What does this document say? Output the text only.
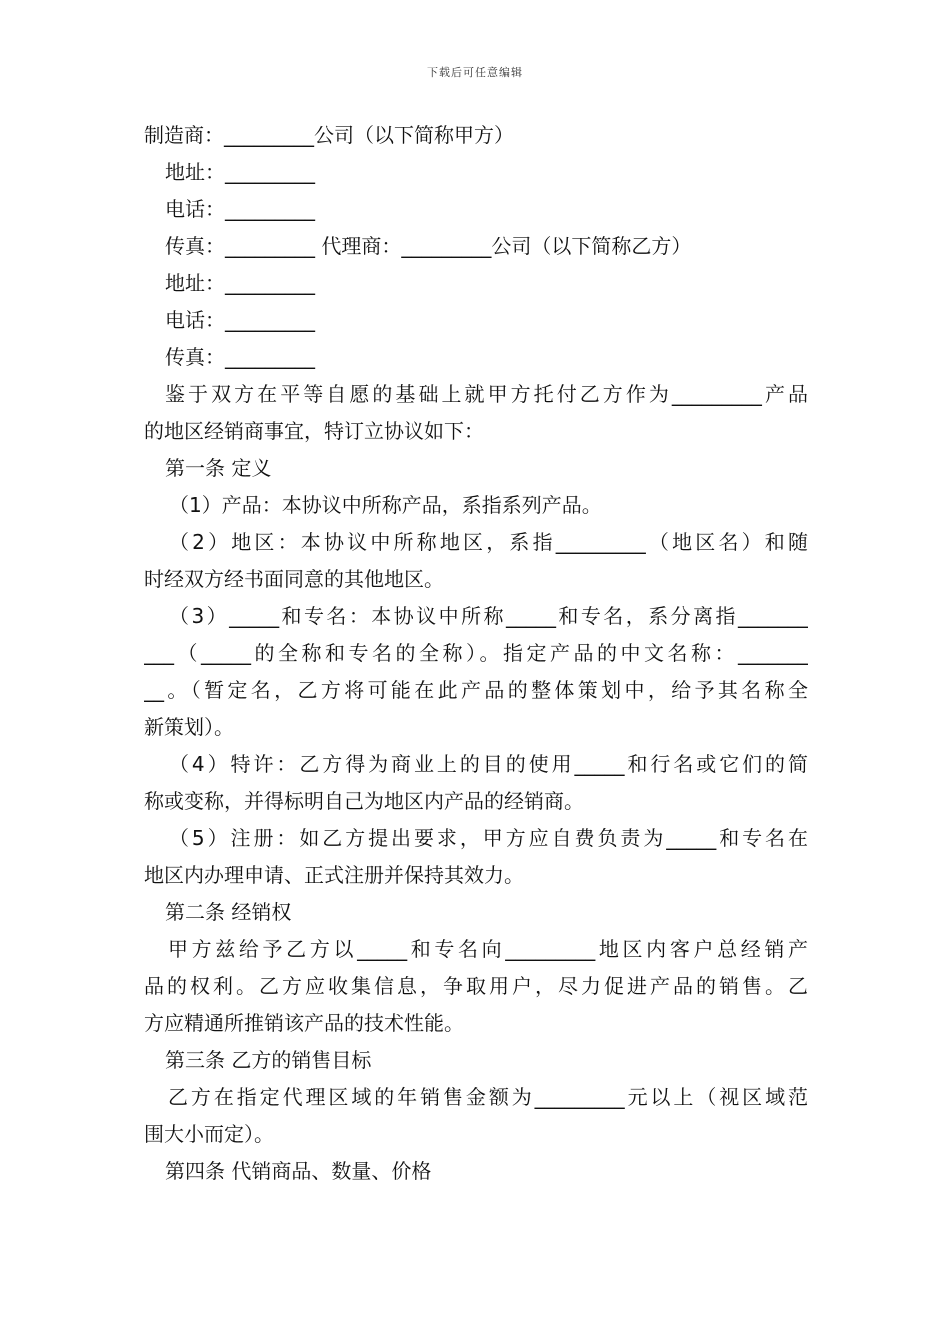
下载后可任意编辑
制造商：_________公司（以下简称甲方）
地址：_________
电话：_________
传真：_________ 代理商：_________公司（以下简称乙方）
地址：_________
电话：_________
传真：_________
鉴于双方在平等自愿的基础上就甲方托付乙方作为_________产品
的地区经销商事宜，特订立协议如下：
第一条 定义
（1）产品：本协议中所称产品，系指系列产品。
（2）地区：本协议中所称地区，系指_________（地区名）和随
时经双方经书面同意的其他地区。
（3）_____和专名：本协议中所称_____和专名，系分离指_______
___（_____的全称和专名的全称）。指定产品的中文名称：_______
__。（暂定名，乙方将可能在此产品的整体策划中，给予其名称全
新策划）。
（4）特许：乙方得为商业上的目的使用_____和行名或它们的简
称或变称，并得标明自己为地区内产品的经销商。
（5）注册：如乙方提出要求，甲方应自费负责为_____和专名在
地区内办理申请、正式注册并保持其效力。
第二条 经销权
甲方兹给予乙方以_____和专名向_________地区内客户总经销产
品的权利。乙方应收集信息，争取用户，尽力促进产品的销售。乙
方应精通所推销该产品的技术性能。
第三条 乙方的销售目标
乙方在指定代理区域的年销售金额为_________元以上（视区域范
围大小而定）。
第四条 代销商品、数量、价格
